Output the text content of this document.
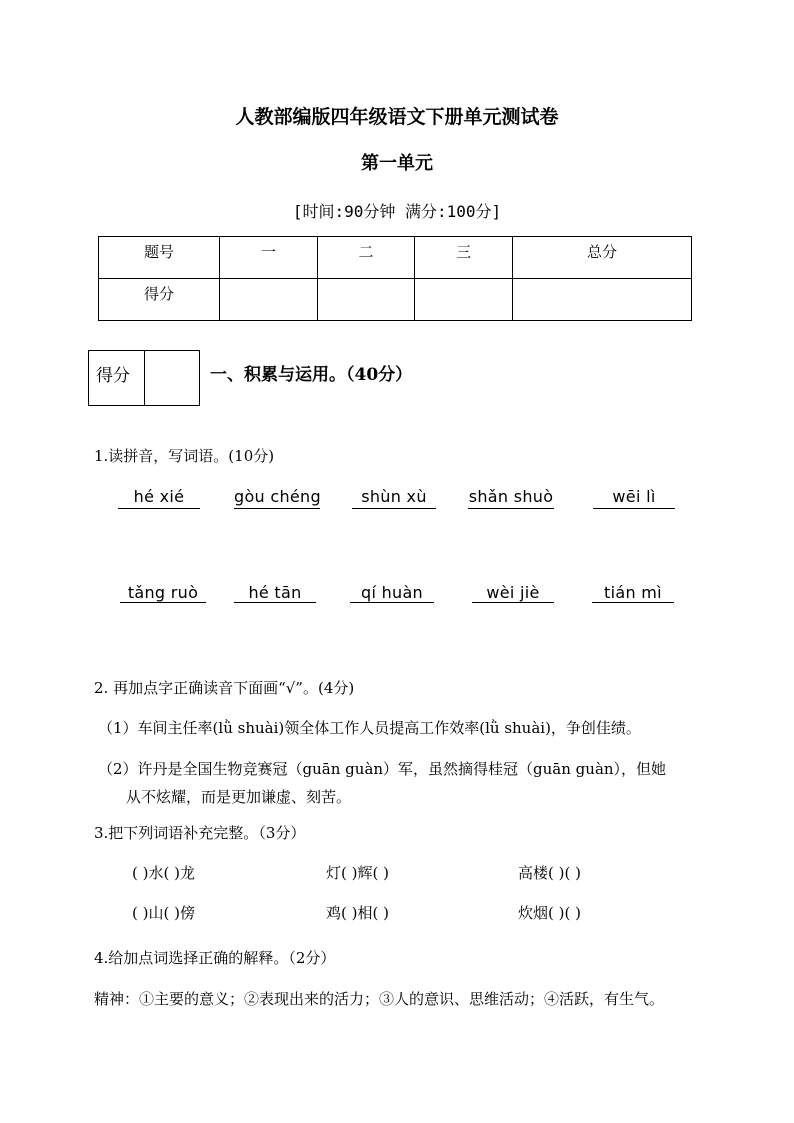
人教部编版四年级语文下册单元测试卷
第一单元
[时间:90分钟 满分:100分]
题号	一	二	三	总分
得分				
得分	一、积累与运用。（40分）
1.读拼音，写词语。(10分)
hé xié	gòu chéng	shùn xù	shǎn shuò	wēi lì
tǎng ruò	hé tān	qí huàn	wèi jiè	tián mì
2. 再加点字正确读音下面画“√”。(4分)
（1）车间主任率(lǜ shuài)领全体工作人员提高工作效率(lǜ shuài)，争创佳绩。
（2）许丹是全国生物竞赛冠（guān guàn）军，虽然摘得桂冠（guān guàn），但她
从不炫耀，而是更加谦虚、刻苦。
3.把下列词语补充完整。（3分）
( )水( )龙	灯( )辉( )	高楼( )( )
( )山( )傍	鸡( )相( )	炊烟( )( )
4.给加点词选择正确的解释。（2分）
精神：①主要的意义；②表现出来的活力；③人的意识、思维活动；④活跃，有生气。
